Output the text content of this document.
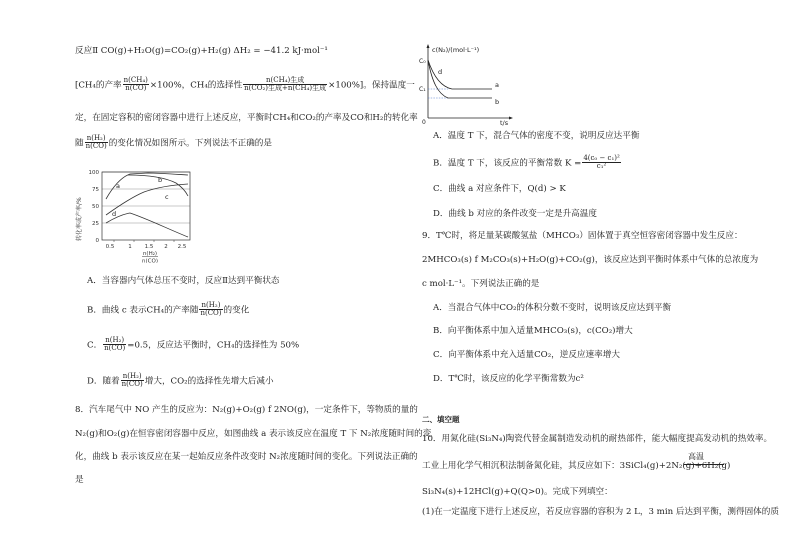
反应Ⅱ CO(g)+H₂O(g)=CO₂(g)+H₂(g) ΔH₂ = −41.2 kJ·mol⁻¹
[CH₄的产率 $\frac{\text{n(CH₄)}}{n(CO)} \times 100\%$，CH₄的选择性 $\frac{\text{n(CH₄)生成}}{\text{n(CO₂)生成+n(CH₄)生成}} \times 100\%$]。保持温度一
定，在固定容积的密闭容器中进行上述反应，平衡时CH₄和CO₂的产率及CO和H₂的转化率
随 $\frac{\text{n(H₂)}}{n(CO)}$ 的变化情况如图所示。下列说法不正确的是
转化率或产率/%
100
75
50
25
0
0.5	1 1.5 2 2.5
n(H₂)
n(CO)
a
b
c
d
A．当容器内气体总压不变时，反应Ⅱ达到平衡状态
B．曲线 c 表示CH₄的产率随 $\frac{\text{n(H₂)}}{n(CO)}$ 的变化
C． $\frac{\text{n(H₂)}}{n(CO)} =0.5$，反应达平衡时，CH₄的选择性为 50%
D．随着 $\frac{\text{n(H₂)}}{n(CO)}$ 增大，CO₂的选择性先增大后减小
8．汽车尾气中 NO 产生的反应为：N₂(g)+O₂(g) f 2NO(g)，一定条件下，等物质的量的
N₂(g)和O₂(g)在恒容密闭容器中反应，如图曲线 a 表示该反应在温度 T 下 N₂浓度随时间的变
化，曲线 b 表示该反应在某一起始反应条件改变时 N₂浓度随时间的变化。下列说法正确的
是
c(N₂)/(mol·L⁻¹)
C₀
C₁
0	t/s
a
b
d
A．温度 T 下，混合气体的密度不变，说明反应达平衡
B．温度 T 下，该反应的平衡常数 $K = \frac{\text{4(c₀ − c₁)²}}{\text{c₁²}}$
C．曲线 a 对应条件下，Q(d) > K
D．曲线 b 对应的条件改变一定是升高温度
9．T℃时，将足量某碳酸氢盐（MHCO₃）固体置于真空恒容密闭容器中发生反应：
2MHCO₃(s) f M₂CO₃(s)+H₂O(g)+CO₂(g)，该反应达到平衡时体系中气体的总浓度为
c mol·L⁻¹。下列说法正确的是
A．当混合气体中CO₂的体积分数不变时，说明该反应达到平衡
B．向平衡体系中加入适量MHCO₃(s)，c(CO₂)增大
C．向平衡体系中充入适量CO₂，逆反应速率增大
D．T℃时，该反应的化学平衡常数为c²
二、填空题
10．用氮化硅(Si₃N₄)陶瓷代替金属制造发动机的耐热部件，能大幅度提高发动机的热效率。
工业上用化学气相沉积法制备氮化硅，其反应如下：3SiCl₄(g)+2N₂(g)+6H₂(g)
高温
Si₃N₄(s)+12HCl(g)+Q(Q>0)。完成下列填空：
(1)在一定温度下进行上述反应，若反应容器的容积为 2 L，3 min 后达到平衡，测得固体的质
